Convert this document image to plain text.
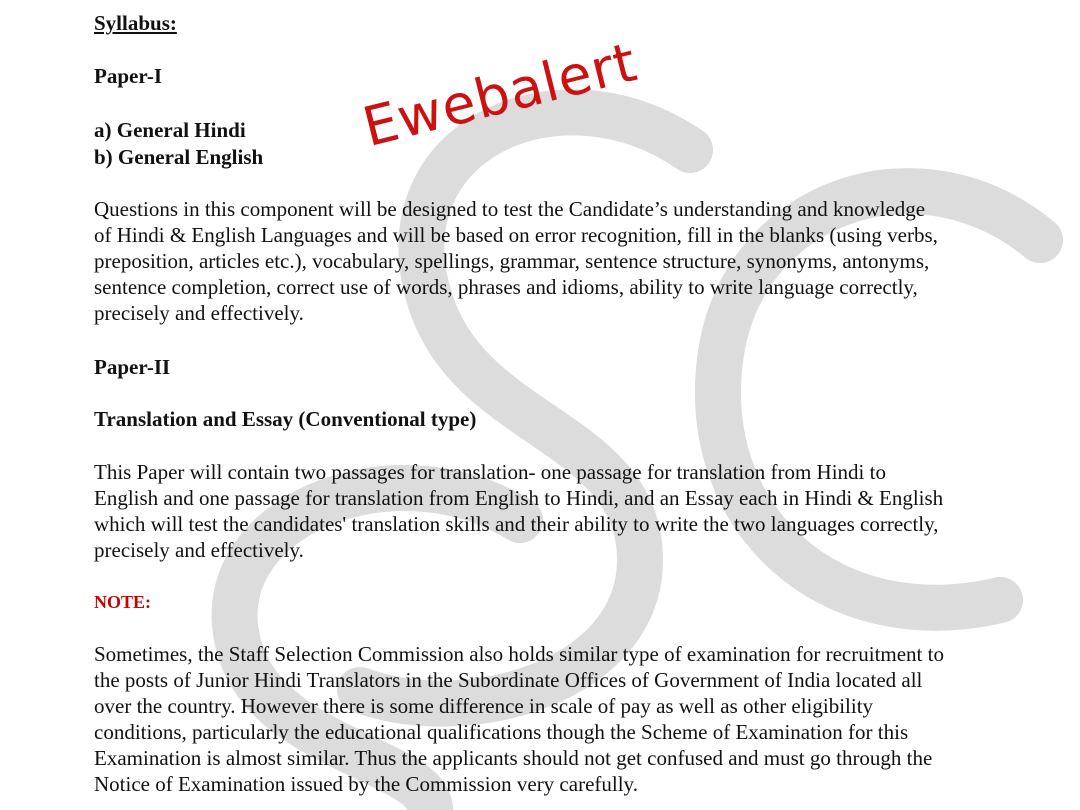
Ewebalert
Syllabus:
Paper-I
a) General Hindi
b) General English

Questions in this component will be designed to test the Candidate’s understanding and knowledge

of Hindi & English Languages and will be based on error recognition, fill in the blanks (using verbs,

preposition, articles etc.), vocabulary, spellings, grammar, sentence structure, synonyms, antonyms,

sentence completion, correct use of words, phrases and idioms, ability to write language correctly,

precisely and effectively.

Paper-II
Translation and Essay (Conventional type)

This Paper will contain two passages for translation- one passage for translation from Hindi to

English and one passage for translation from English to Hindi, and an Essay each in Hindi & English

which will test the candidates' translation skills and their ability to write the two languages correctly,

precisely and effectively.

NOTE:

Sometimes, the Staff Selection Commission also holds similar type of examination for recruitment to

the posts of Junior Hindi Translators in the Subordinate Offices of Government of India located all

over the country. However there is some difference in scale of pay as well as other eligibility

conditions, particularly the educational qualifications though the Scheme of Examination for this

Examination is almost similar. Thus the applicants should not get confused and must go through the

Notice of Examination issued by the Commission very carefully.
